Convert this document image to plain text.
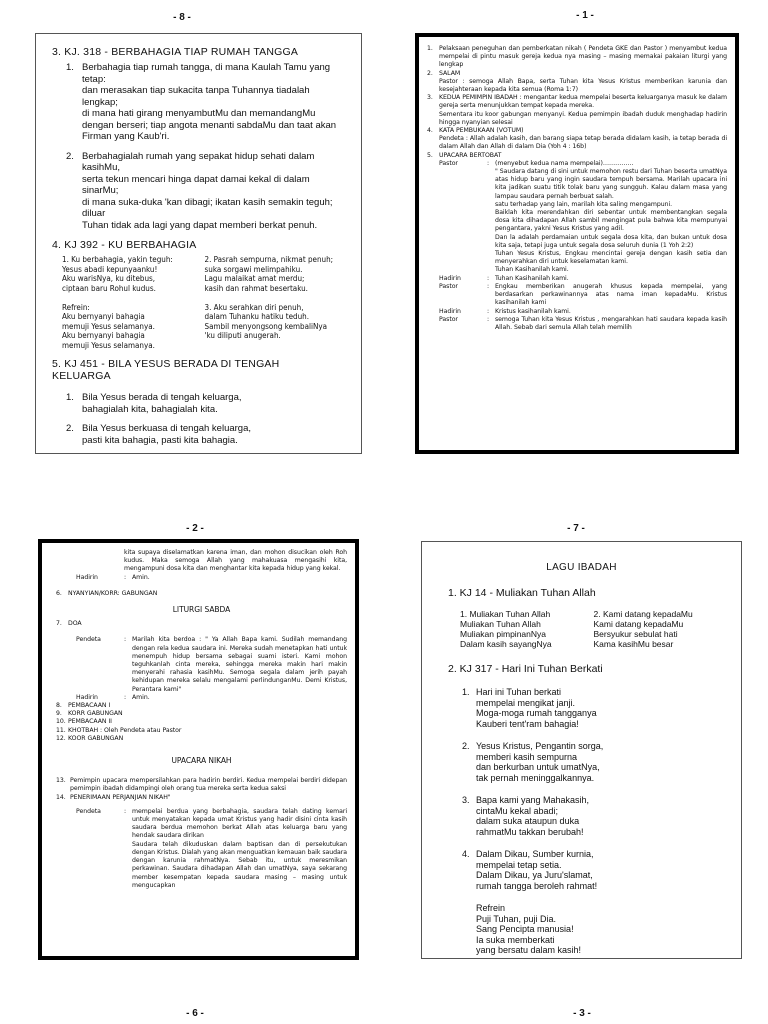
- 8 -	- 1 -
- 2 -	- 7 -
- 6 -	- 3 -
3. KJ. 318 - BERBAHAGIA TIAP RUMAH TANGGA
1. Berbahagia tiap rumah tangga, di mana Kaulah Tamu yang tetap:
dan merasakan tiap sukacita tanpa Tuhannya tiadalah lengkap;
di mana hati girang menyambutMu dan memandangMu dengan berseri; tiap angota menanti sabdaMu dan taat akan Firman yang Kaub'ri.
2. Berbahagialah rumah yang sepakat hidup sehati dalam kasihMu,
serta tekun mencari hinga dapat damai kekal di dalam sinarMu;
di mana suka-duka 'kan dibagi; ikatan kasih semakin teguh; diluar
Tuhan tidak ada lagi yang dapat memberi berkat penuh.
4. KJ 392 - KU BERBAHAGIA
1. Ku berbahagia, yakin teguh:
Yesus abadi kepunyaanku!
Aku warisNya, ku ditebus,
ciptaan baru Rohul kudus.

Refrein:
Aku bernyanyi bahagia
memuji Yesus selamanya.
Aku bernyanyi bahagia
memuji Yesus selamanya.
2. Pasrah sempurna, nikmat penuh;
suka sorgawi melimpahiku.
Lagu malaikat amat merdu;
kasih dan rahmat besertaku.

3. Aku serahkan diri penuh,
dalam Tuhanku hatiku teduh.
Sambil menyongsong kembaliNya
'ku diliputi anugerah.
5. KJ 451 - BILA YESUS BERADA DI TENGAH KELUARGA
1. Bila Yesus berada di tengah keluarga,
bahagialah kita, bahagialah kita.
2. Bila Yesus berkuasa di tengah keluarga,
pasti kita bahagia, pasti kita bahagia.
1. Pelaksaan peneguhan dan pemberkatan nikah ( Pendeta GKE dan Pastor ) menyambut kedua mempelai di pintu masuk gereja kedua nya masing – masing memakai pakaian liturgi yang lengkap
2. SALAM
Pastor : semoga Allah Bapa, serta Tuhan kita Yesus Kristus memberikan karunia dan kesejahteraan kepada kita semua (Roma 1:7)
3. KEDUA PEMIMPIN IBADAH : mengantar kedua mempelai beserta keluarganya masuk ke dalam gereja serta menunjukkan tempat kepada mereka.
Sementara itu koor gabungan menyanyi. Kedua pemimpin ibadah duduk menghadap hadirin hingga nyanyian selesai
4. KATA PEMBUKAAN (VOTUM)
Pendeta : Allah adalah kasih, dan barang siapa tetap berada didalam kasih, ia tetap berada di dalam Allah dan Allah di dalam Dia (Yoh 4 : 16b)
5. UPACARA BERTOBAT
Pastor	: (menyebut kedua nama mempelai)……………
" Saudara datang di sini untuk memohon restu dari Tuhan beserta umatNya atas hidup baru yang ingin saudara tempuh bersama. Marilah upacara ini kita jadikan suatu titik tolak baru yang sungguh. Kalau dalam masa yang lampau saudara pernah berbuat salah.
satu terhadap yang lain, marilah kita saling mengampuni.
Baiklah kita merendahkan diri sebentar untuk membentangkan segala dosa kita dihadapan Allah sambil mengingat pula bahwa kita mempunyai pengantara, yakni Yesus Kristus yang adil.
Dan la adalah perdamaian untuk segala dosa kita, dan bukan untuk dosa kita saja, tetapi juga untuk segala dosa seluruh dunia (1 Yoh 2:2)
Tuhan Yesus Kristus, Engkau mencintai gereja dengan kasih setia dan menyerahkan diri untuk keselamatan kami.
Tuhan Kasihanilah kami.
Hadirin	: Tuhan Kasihanilah kami.
Pastor	: Engkau memberikan anugerah khusus kepada mempelai, yang berdasarkan perkawinannya atas nama iman kepadaMu. Kristus kasihanilah kami
Hadirin	: Kristus kasihanilah kami.
Pastor	: semoga Tuhan kita Yesus Kristus , mengarahkan hati saudara kepada kasih Allah. Sebab dari semula Allah telah memilih
kita supaya diselamatkan karena iman, dan mohon disucikan oleh Roh kudus. Maka semoga Allah yang mahakuasa mengasihi kita, mengampuni dosa kita dan menghantar kita kepada hidup yang kekal.
Hadirin	: Amin.
6. NYANYIAN/KORR: GABUNGAN
LITURGI SABDA
7. DOA
Pendeta	: Marilah kita berdoa : " Ya Allah Bapa kami. Sudilah memandang dengan rela kedua saudara ini. Mereka sudah menetapkan hati untuk menempuh hidup bersama sebagai suami isteri. Kami mohon teguhkanlah cinta mereka, sehingga mereka makin hari makin menyerahi rahasia kasihMu. Semoga segala dalam jerih payah kehidupan mereka selalu mengalami perlindunganMu. Demi Kristus, Perantara kami"
Hadirin	: Amin.
8. PEMBACAAN I
9. KORR GABUNGAN
10. PEMBACAAN II
11. KHOTBAH : Oleh Pendeta atau Pastor
12. KOOR GABUNGAN
UPACARA NIKAH
13. Pemimpin upacara mempersilahkan para hadirin berdiri. Kedua mempelai berdiri didepan pemimpin ibadah didampingi oleh orang tua mereka serta kedua saksi
14. PENERIMAAN PERJANJIAN NIKAH"
Pendeta	: mempelai berdua yang berbahagia, saudara telah dating kemari untuk menyatakan kepada umat Kristus yang hadir disini cinta kasih saudara berdua memohon berkat Allah atas keluarga baru yang hendak saudara dirikan
Saudara telah dikuduskan dalam baptisan dan di persekutukan dengan Kristus. Dialah yang akan menguatkan kemauan baik saudara dengan karunia rahmatNya. Sebab itu, untuk meresmikan perkawinan. Saudara dihadapan Allah dan umatNya, saya sekarang member kesempatan kepada saudara masing – masing untuk mengucapkan
LAGU IBADAH
1. KJ 14 - Muliakan Tuhan Allah
1. Muliakan Tuhan Allah
Muliakan Tuhan Allah
Muliakan pimpinanNya
Dalam kasih sayangNya
2. Kami datang kepadaMu
Kami datang kepadaMu
Bersyukur sebulat hati
Kama kasihMu besar
2. KJ 317 - Hari Ini Tuhan Berkati
1. Hari ini Tuhan berkati
mempelai mengikat janji.
Moga-moga rumah tangganya
Kauberi tent'ram bahagia!
2. Yesus Kristus, Pengantin sorga,
memberi kasih sempurna
dan berkurban untuk umatNya,
tak pernah meninggalkannya.
3. Bapa kami yang Mahakasih,
cintaMu kekal abadi;
dalam suka ataupun duka
rahmatMu takkan berubah!
4. Dalam Dikau, Sumber kurnia,
mempelai tetap setia.
Dalam Dikau, ya Juru'slamat,
rumah tangga beroleh rahmat!
Refrein
Puji Tuhan, puji Dia.
Sang Pencipta manusia!
Ia suka memberkati
yang bersatu dalam kasih!
